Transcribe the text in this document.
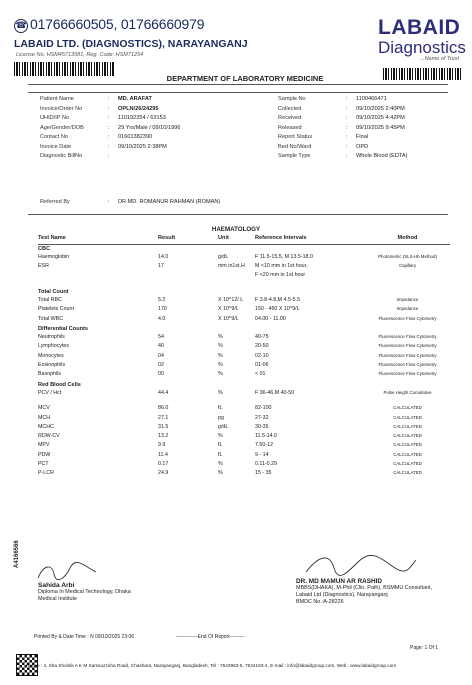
☎ 01766660505, 01766660979
LABAID LTD. (DIAGNOSTICS), NARAYANGANJ
License No. HSM45713581, Reg. Code: HSM71254
LABAID
Diagnostics
...Name of Trust
DEPARTMENT OF LABORATORY MEDICINE
Patient Name	: MD. ARAFAT
Invoice/Order No	: OPLN/26/24295
UHID/IP No	: 110192354 / 63153
Age/Gender/DOB	: 29 Yrs/Male / 09/10/1996
Contact No	: 01601382390
Invoice Date	: 09/10/2025 2:38PM
Diagnostic BillNo	:
Sample No	: 1100466471
Collected	: 09/10/2025 2:40PM
Received	: 09/10/2025 4:42PM
Released	: 09/10/2025 9:45PM
Report Status	: Final
Bed No/Ward	: OPD
Sample Type	: Whole Blood (EDTA)
Referred By	: DR.MD. ROMANUR RAHMAN (ROMAN)
HAEMATOLOGY
Test Name	Result	Unit	Reference Intervals	Method
CBC				
Haemoglobin	14.0	g/dL	F 11.5-15.5, M 13.5-18.0	Photometric (SLS-Hb Method)
ESR	17	mm in1st.H	M <10 mm in 1st hour,	Capillary
			F <20 mm in 1st hour	

Total Count				
Total RBC	5.2	X 10^12/ L	F 3.8-4.8,M 4.5-5.5	Impedance
Platelets Count	170	X 10^9/L	150 - 450 X 10^9/L	Impedance
Total WBC	4.0	X 10^9/L	04.00 - 11.00	Fluorescence Flow Cytometry
Differential Counts				
Neutrophils	54	%	40-75	Fluorescence Flow Cytometry
Lymphocytes	40	%	20-50	Fluorescence Flow Cytometry
Monocytes	04	%	02-10	Fluorescence Flow Cytometry
Eosinophils	02	%	01-06	Fluorescence Flow Cytometry
Basophils	00	%	< 01	Fluorescence Flow Cytometry
Red Blood Cells				
PCV / Hct	44.4	%	F 36-46,M 40-50	Pulse Height Cumulative

MCV	86.0	fL	82-100	CALCULATED
MCH	27.1	pg	27-32	CALCULATED
MCHC	31.5	g/dL	30-35	CALCULATED
RDW-CV	13.2	%	11.5-14.0	CALCULATED
MPV	9.9	fL	7.50-12	CALCULATED
PDW	11.4	fL	9 - 14	CALCULATED
PCT	0.17	%	0.11-0.29	CALCULATED
P-LCR	24.9	%	15 - 35	CALCULATED
A4166566
Sahida Arbi
Diploma In Medical Technology, Dhaka
Medical Institute
DR. MD MAMUN AR RASHID
MBBS(DHAKA), M-Phil (Clin. Path), BSMMU Consultant,
Labaid Ltd (Diagnostics), Narayanganj
BMDC No.:A-28226
Printed By & Date Time : N 09/10/2025 23:06	-------------End Of Report---------
Page: 1 Of 1
House : 4, Sha Sholnik A K M Samsuzzoha Road, Chashara, Narayanganj, Bangladesh, Tel : 7643963-5, 7634193-4, E-mail : info@labaidgroup.com, Web : www.labaidgroup.com
